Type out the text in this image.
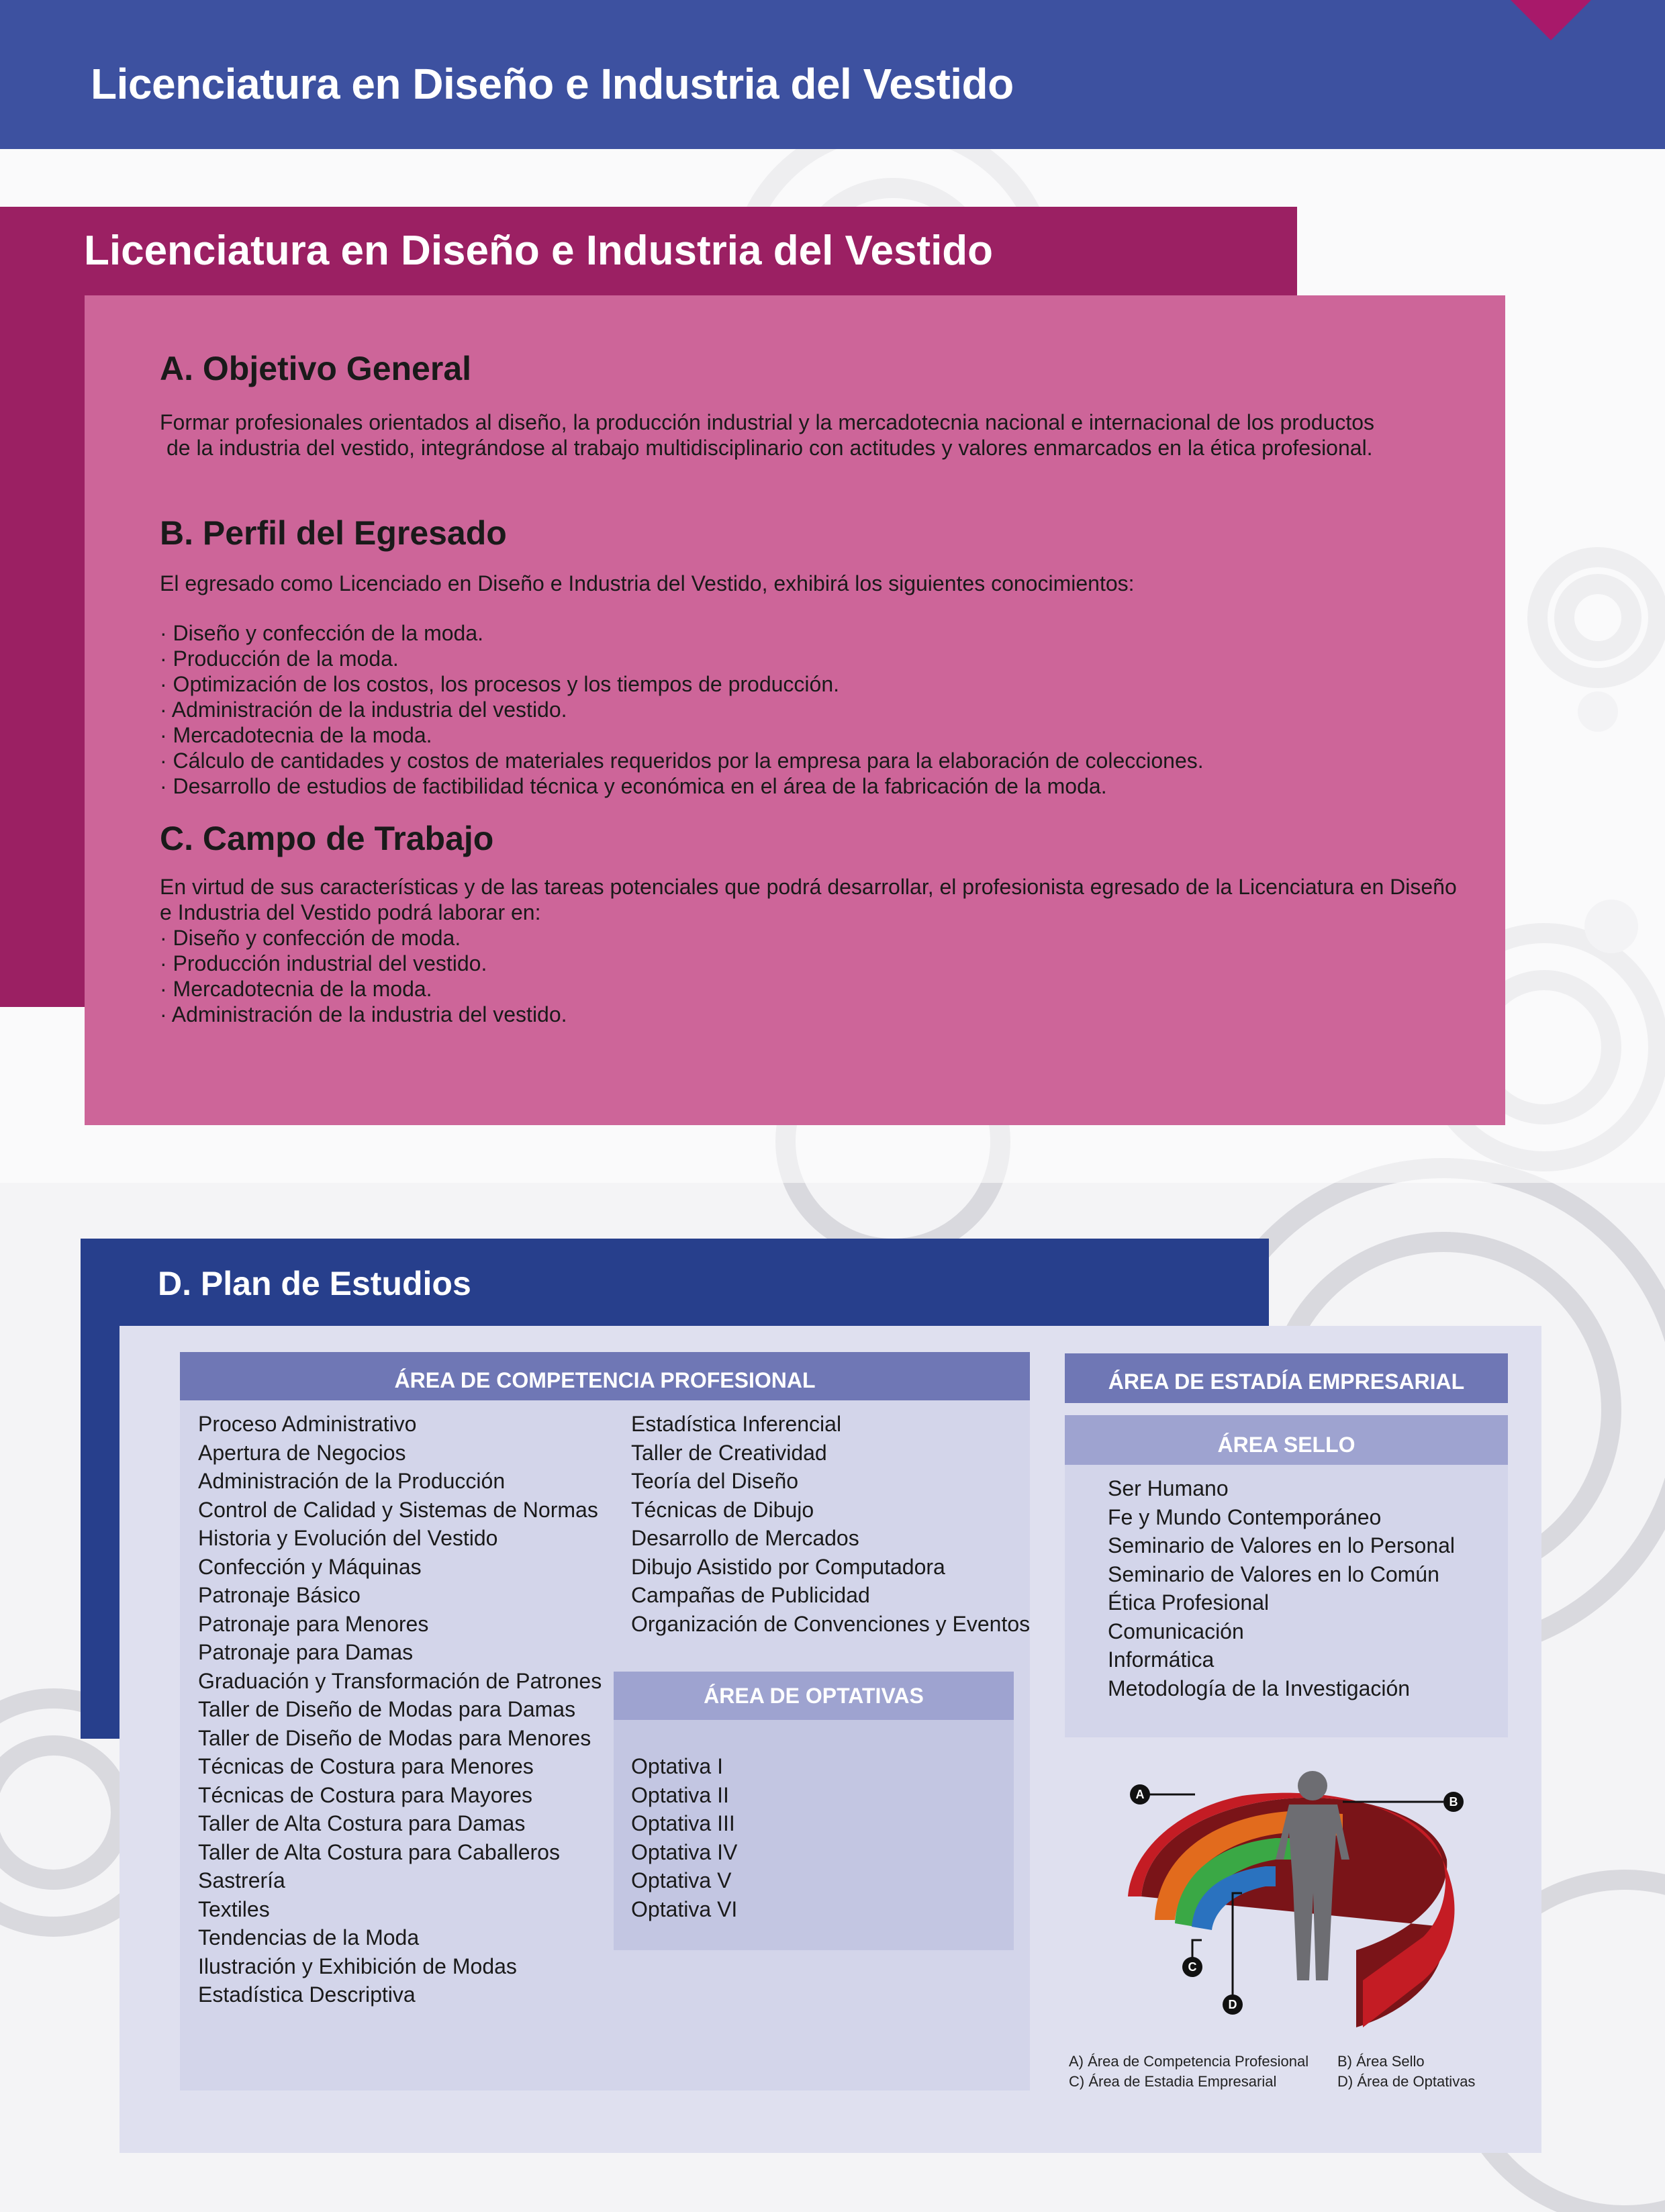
Licenciatura en Diseño e Industria del Vestido
Licenciatura en Diseño e Industria del Vestido
A. Objetivo General
Formar profesionales orientados al diseño, la producción industrial y la mercadotecnia nacional e internacional de los productos
de la industria del vestido, integrándose al trabajo multidisciplinario con actitudes y valores enmarcados en la ética profesional.
B. Perfil del Egresado
El egresado como Licenciado en Diseño e Industria del Vestido, exhibirá los siguientes conocimientos:
· Diseño y confección de la moda.
· Producción de la moda.
· Optimización de los costos, los procesos y los tiempos de producción.
· Administración de la industria del vestido.
· Mercadotecnia de la moda.
· Cálculo de cantidades y costos de materiales requeridos por la empresa para la elaboración de colecciones.
· Desarrollo de estudios de factibilidad técnica y económica en el área de la fabricación de la moda.
C. Campo de Trabajo
En virtud de sus características y de las tareas potenciales que podrá desarrollar, el profesionista egresado de la Licenciatura en Diseño
e Industria del Vestido podrá laborar en:
· Diseño y confección de moda.
· Producción industrial del vestido.
· Mercadotecnia de la moda.
· Administración de la industria del vestido.
D. Plan de Estudios
ÁREA DE COMPETENCIA PROFESIONAL
Proceso Administrativo
Apertura de Negocios
Administración de la Producción
Control de Calidad y Sistemas de Normas
Historia y Evolución del Vestido
Confección y Máquinas
Patronaje Básico
Patronaje para Menores
Patronaje para Damas
Graduación y Transformación de Patrones
Taller de Diseño de Modas para Damas
Taller de Diseño de Modas para Menores
Técnicas de Costura para Menores
Técnicas de Costura para Mayores
Taller de Alta Costura para Damas
Taller de Alta Costura para Caballeros
Sastrería
Textiles
Tendencias de la Moda
Ilustración y Exhibición de Modas
Estadística Descriptiva
Estadística Inferencial
Taller de Creatividad
Teoría del Diseño
Técnicas de Dibujo
Desarrollo de Mercados
Dibujo Asistido por Computadora
Campañas de Publicidad
Organización de Convenciones y Eventos
ÁREA DE OPTATIVAS
Optativa I
Optativa II
Optativa III
Optativa IV
Optativa V
Optativa VI
ÁREA DE ESTADÍA EMPRESARIAL
ÁREA SELLO
Ser Humano
Fe y Mundo Contemporáneo
Seminario de Valores en lo Personal
Seminario de Valores en lo Común
Ética Profesional
Comunicación
Informática
Metodología de la Investigación
A
B
C
D
A) Área de Competencia Profesional
C) Área de Estadia Empresarial
B) Área Sello
D) Área de Optativas
